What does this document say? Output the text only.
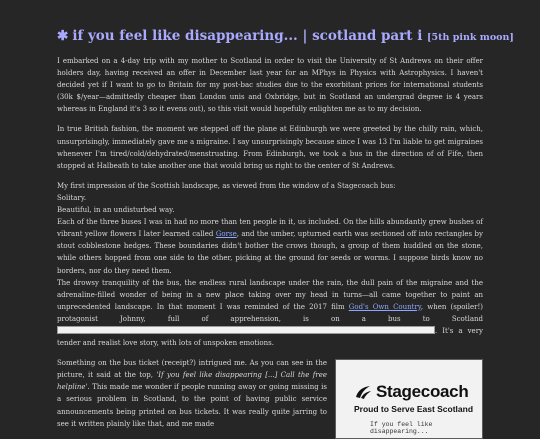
✱ if you feel like disappearing... | scotland part i [5th pink moon]

I embarked on a 4-day trip with my mother to Scotland in order to visit the University of St Andrews on their offer holders day, having received an offer in December last year for an MPhys in Physics with Astrophysics. I haven't decided yet if I want to go to Britain for my post-bac studies due to the exorbitant prices for international students (30k $/year—admittedly cheaper than London unis and Oxbridge, but in Scotland an undergrad degree is 4 years whereas in England it's 3 so it evens out), so this visit would hopefully enlighten me as to my decision.

In true British fashion, the moment we stepped off the plane at Edinburgh we were greeted by the chilly rain, which, unsurprisingly, immediately gave me a migraine. I say unsurprisingly because since I was 13 I'm liable to get migraines whenever I'm tired/cold/dehydrated/menstruating. From Edinburgh, we took a bus in the direction of of Fife, then stopped at Halbeath to take another one that would bring us right to the center of St Andrews.

My first impression of the Scottish landscape, as viewed from the window of a Stagecoach bus:
Solitary.
Beautiful, in an undisturbed way.
Each of the three buses I was in had no more than ten people in it, us included. On the hills abundantly grew bushes of vibrant yellow flowers I later learned called Gorse, and the umber, upturned earth was sectioned off into rectangles by stout cobblestone hedges. These boundaries didn't bother the crows though, a group of them huddled on the stone, while others hopped from one side to the other, picking at the ground for seeds or worms. I suppose birds know no borders, nor do they need them.
The drowsy tranquility of the bus, the endless rural landscape under the rain, the dull pain of the migraine and the adrenaline-filled wonder of being in a new place taking over my head in turns—all came together to paint an unprecedented landscape. In that moment I was reminded of the 2017 film God's Own Country, when (spoiler!) protagonist Johnny, full of apprehension, is on a bus to Scotland . It's a very tender and realist love story, with lots of unspoken emotions.

Stagecoach
Proud to Serve East Scotland
If you feel like disappearing...

Something on the bus ticket (receipt?) intrigued me. As you can see in the picture, it said at the top, 'If you feel like disappearing [...] Call the free helpline'. This made me wonder if people running away or going missing is a serious problem in Scotland, to the point of having public service announcements being printed on bus tickets. It was really quite jarring to see it written plainly like that, and me made
